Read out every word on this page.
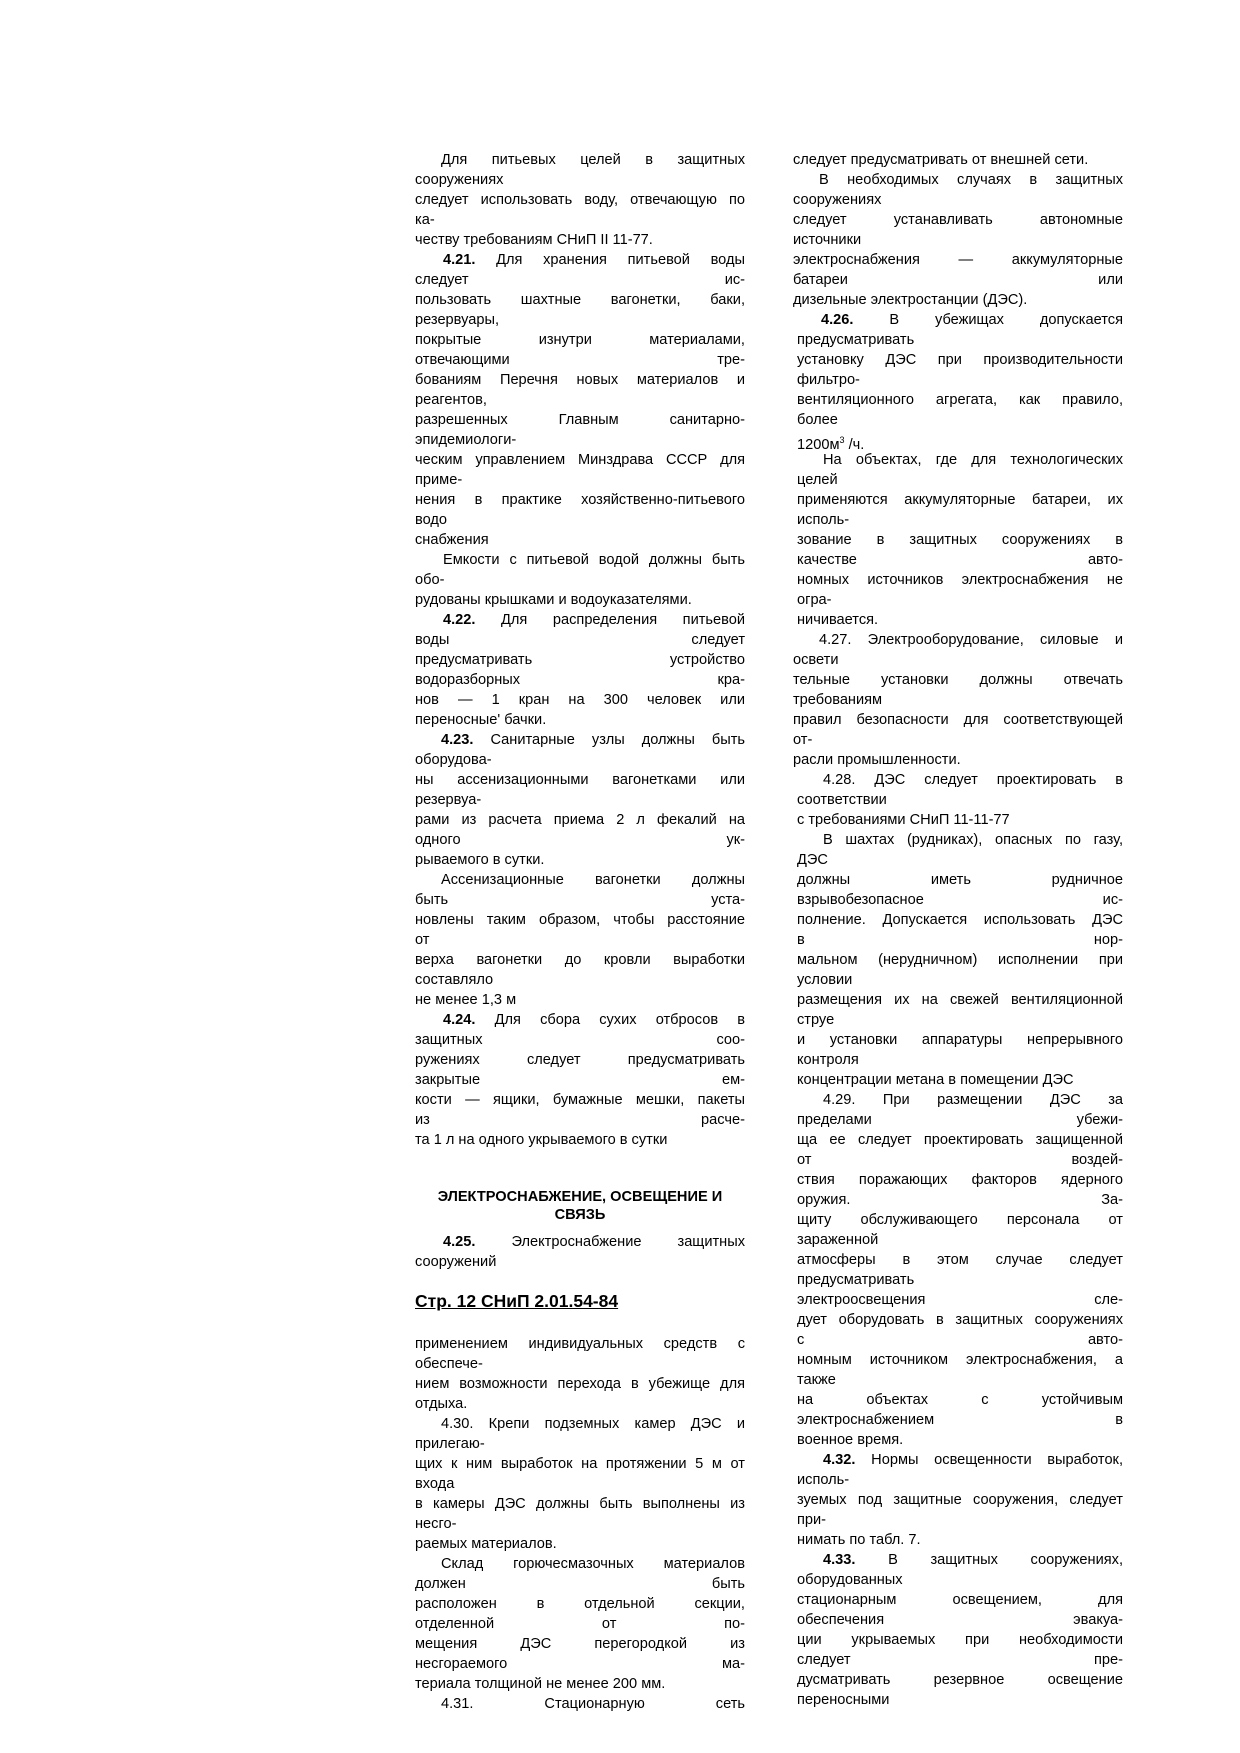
Для питьевых целей в защитных
сооружениях
следует использовать воду, отвечающую по
ка-
честву требованиям СНиП II 11-77.
4.21. Для хранения питьевой воды
следует ис-
пользовать шахтные вагонетки, баки,
резервуары,
покрытые изнутри материалами,
отвечающими тре-
бованиям Перечня новых материалов и
реагентов,
разрешенных Главным санитарно-
эпидемиологи-
ческим управлением Минздрава СССР для
приме-
нения в практике хозяйственно-питьевого
водо
снабжения
Емкости с питьевой водой должны быть
обо-
рудованы крышками и водоуказателями.
4.22. Для распределения питьевой
воды следует
предусматривать устройство
водоразборных кра-
нов — 1 кран на 300 человек или
переносные' бачки.
4.23. Санитарные узлы должны быть
оборудова-
ны ассенизационными вагонетками или
резервуа-
рами из расчета приема 2 л фекалий на
одного ук-
рываемого в сутки.
Ассенизационные вагонетки должны
быть уста-
новлены таким образом, чтобы расстояние
от
верха вагонетки до кровли выработки
составляло
не менее 1,3 м
4.24. Для сбора сухих отбросов в
защитных соо-
ружениях следует предусматривать
закрытые ем-
кости — ящики, бумажные мешки, пакеты
из расче-
та 1 л на одного укрываемого в сутки
ЭЛЕКТРОСНАБЖЕНИЕ, ОСВЕЩЕНИЕ И
СВЯЗЬ
4.25. Электроснабжение защитных
сооружений
Стр. 12 СНиП 2.01.54-84
применением индивидуальных средств с
обеспече-
нием возможности перехода в убежище для
отдыха.
4.30. Крепи подземных камер ДЭС и
прилегаю-
щих к ним выработок на протяжении 5 м от
входа
в камеры ДЭС должны быть выполнены из
несго-
раемых материалов.
Склад горючесмазочных материалов
должен быть
расположен в отдельной секции,
отделенной от по-
мещения ДЭС перегородкой из
несгораемого ма-
териала толщиной не менее 200 мм.
4.31. Стационарную сеть
следует предусматривать от внешней сети.
В необходимых случаях в защитных
сооружениях
следует устанавливать автономные
источники
электроснабжения — аккумуляторные
батареи или
дизельные электростанции (ДЭС).
4.26. В убежищах допускается
предусматривать
установку ДЭС при производительности
фильтро-
вентиляционного агрегата, как правило,
более
$1200м^3$ /ч.
На объектах, где для технологических
целей
применяются аккумуляторные батареи, их
исполь-
зование в защитных сооружениях в
качестве авто-
номных источников электроснабжения не
огра-
ничивается.
4.27. Электрооборудование, силовые и
освети
тельные установки должны отвечать
требованиям
правил безопасности для соответствующей
от-
расли промышленности.
4.28. ДЭС следует проектировать в
соответствии
с требованиями СНиП 11-11-77
В шахтах (рудниках), опасных по газу,
ДЭС
должны иметь рудничное
взрывобезопасное ис-
полнение. Допускается использовать ДЭС
в нор-
мальном (нерудничном) исполнении при
условии
размещения их на свежей вентиляционной
струе
и установки аппаратуры непрерывного
контроля
концентрации метана в помещении ДЭС
4.29. При размещении ДЭС за
пределами убежи-
ща ее следует проектировать защищенной
от воздей-
ствия поражающих факторов ядерного
оружия. За-
щиту обслуживающего персонала от
зараженной
атмосферы в этом случае следует
предусматривать
электроосвещения сле-
дует оборудовать в защитных сооружениях
с авто-
номным источником электроснабжения, а
также
на объектах с устойчивым
электроснабжением в
военное время.
4.32. Нормы освещенности выработок,
исполь-
зуемых под защитные сооружения, следует
при-
нимать по табл. 7.
4.33. В защитных сооружениях,
оборудованных
стационарным освещением, для
обеспечения эвакуа-
ции укрываемых при необходимости
следует пре-
дусматривать резервное освещение
переносными
